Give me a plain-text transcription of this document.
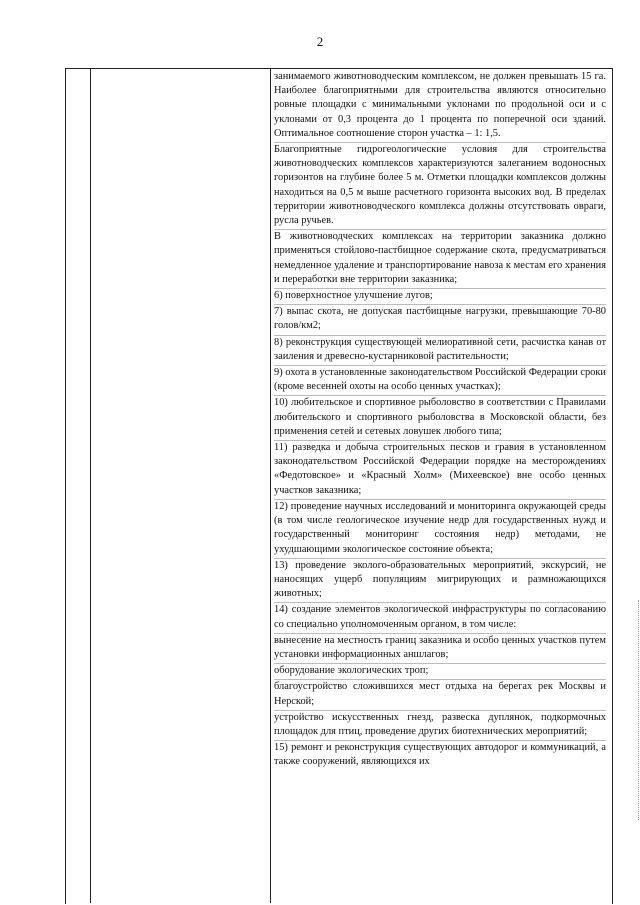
2

занимаемого животноводческим комплексом, не должен превышать 15 га. Наиболее благоприятными для строительства являются относительно ровные площадки с минимальными уклонами по продольной оси и с уклонами от 0,3 процента до 1 процента по поперечной оси зданий. Оптимальное соотношение сторон участка – 1: 1,5.

Благоприятные гидрогеологические условия для строительства животноводческих комплексов характеризуются залеганием водоносных горизонтов на глубине более 5 м. Отметки площадки комплексов должны находиться на 0,5 м выше расчетного горизонта высоких вод. В пределах территории животноводческого комплекса должны отсутствовать овраги, русла ручьев.

В животноводческих комплексах на территории заказника должно применяться стойлово-пастбищное содержание скота, предусматриваться немедленное удаление и транспортирование навоза к местам его хранения и переработки вне территории заказника;

6) поверхностное улучшение лугов;

7) выпас скота, не допуская пастбищные нагрузки, превышающие 70-80 голов/км2;

8) реконструкция существующей мелиоративной сети, расчистка канав от заиления и древесно-кустарниковой растительности;

9) охота в установленные законодательством Российской Федерации сроки (кроме весенней охоты на особо ценных участках);

10) любительское и спортивное рыболовство в соответствии с Правилами любительского и спортивного рыболовства в Московской области, без применения сетей и сетевых ловушек любого типа;

11) разведка и добыча строительных песков и гравия в установленном законодательством Российской Федерации порядке на месторождениях «Федотовское» и «Красный Холм» (Михеевское) вне особо ценных участков заказника;

12) проведение научных исследований и мониторинга окружающей среды (в том числе геологическое изучение недр для государственных нужд и государственный мониторинг состояния недр) методами, не ухудшающими экологическое состояние объекта;

13) проведение эколого-образовательных мероприятий, экскурсий, не наносящих ущерб популяциям мигрирующих и размножающихся животных;

14) создание элементов экологической инфраструктуры по согласованию со специально уполномоченным органом, в том числе:

вынесение на местность границ заказника и особо ценных участков путем установки информационных аншлагов;

оборудование экологических троп;

благоустройство сложившихся мест отдыха на берегах рек Москвы и Нерской;

устройство искусственных гнезд, развеска дуплянок, подкормочных площадок для птиц, проведение других биотехнических мероприятий;

15) ремонт и реконструкция существующих автодорог и коммуникаций, а также сооружений, являющихся их
